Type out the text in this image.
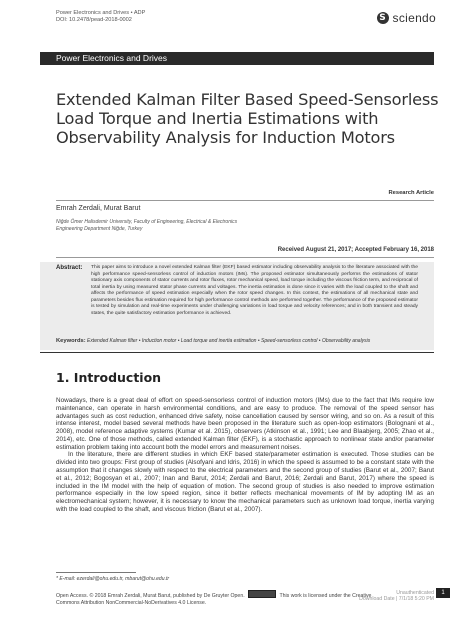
Power Electronics and Drives • ADP
DOI: 10.2478/pead-2018-0002	S sciendo
Power Electronics and Drives
Extended Kalman Filter Based Speed-Sensorless
Load Torque and Inertia Estimations with
Observability Analysis for Induction Motors
Research Article
Emrah Zerdali, Murat Barut
Niğde Ömer Halisdemir University, Faculty of Engineering, Electrical & Electronics
Engineering Department Niğde, Turkey
Received August 21, 2017; Accepted February 16, 2018
Abstract: This paper aims to introduce a novel extended Kalman filter (EKF) based estimator including observability analysis to the literature associated with the high performance speed-sensorless control of induction motors (IMs). The proposed estimator simultaneously performs the estimations of stator stationary axis components of stator currents and rotor fluxes, rotor mechanical speed, load torque including the viscous friction term, and reciprocal of total inertia by using measured stator phase currents and voltages. The inertia estimation is done since it varies with the load coupled to the shaft and affects the performance of speed estimation especially when the rotor speed changes. In this context, the estimations of all mechanical state and parameters besides flux estimation required for high performance control methods are performed together. The performance of the proposed estimator is tested by simulation and real-time experiments under challenging variations in load torque and velocity references; and in both transient and steady states, the quite satisfactory estimation performance is achieved.
Keywords: Extended Kalman filter • Induction motor • Load torque and inertia estimation • Speed-sensorless control • Observability analysis
1. Introduction

Nowadays, there is a great deal of effort on speed-sensorless control of induction motors (IMs) due to the fact that IMs require low maintenance, can operate in harsh environmental conditions, and are easy to produce. The removal of the speed sensor has advantages such as cost reduction, enhanced drive safety, noise cancellation caused by sensor wiring, and so on. As a result of this intense interest, model based several methods have been proposed in the literature such as open-loop estimators (Bolognani et al., 2008), model reference adaptive systems (Kumar et al. 2015), observers (Atkinson et al., 1991; Lee and Blaabjerg, 2005; Zhao et al., 2014), etc. One of those methods, called extended Kalman filter (EKF), is a stochastic approach to nonlinear state and/or parameter estimation problem taking into account both the model errors and measurement noises.

In the literature, there are different studies in which EKF based state/parameter estimation is executed. Those studies can be divided into two groups: First group of studies (Alsofyani and Idris, 2016) in which the speed is assumed to be a constant state with the assumption that it changes slowly with respect to the electrical parameters and the second group of studies (Barut et al., 2007; Barut et al., 2012; Bogosyan et al., 2007; Inan and Barut, 2014; Zerdali and Barut, 2016; Zerdali and Barut, 2017) where the speed is included in the IM model with the help of equation of motion. The second group of studies is also needed to improve estimation performance especially in the low speed region, since it better reflects mechanical movements of IM by adopting IM as an electromechanical system; however, it is necessary to know the mechanical parameters such as unknown load torque, inertia varying with the load coupled to the shaft, and viscous friction (Barut et al., 2007).

* E-mail: ezerdali@ohu.edu.tr, mbarut@ohu.edu.tr
Open Access. © 2018 Emrah Zerdali, Murat Barut, published by De Gruyter Open.	This work is licensed under the Creative
Commons Attribution NonCommercial-NoDerivatives 4.0 License.
Unauthenticated
Download Date | 7/1/18 5:20 PM
1
